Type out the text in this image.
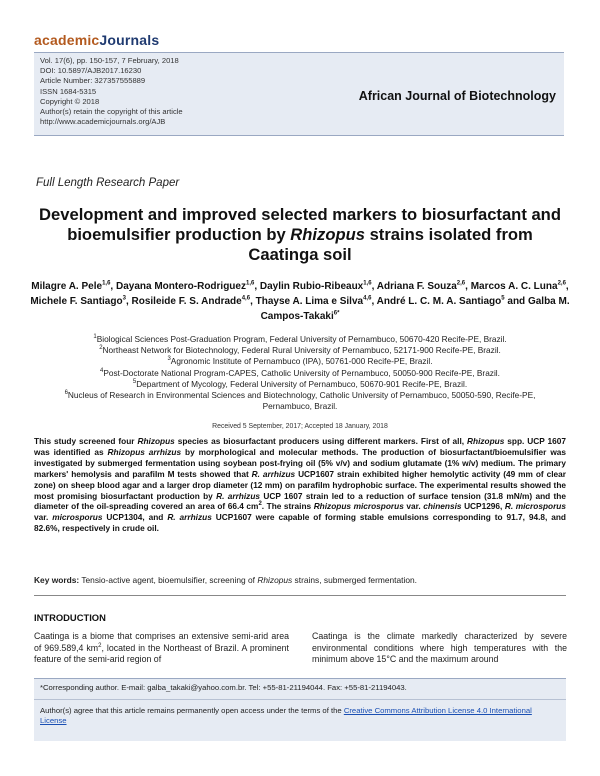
academicJournals
Vol. 17(6), pp. 150-157, 7 February, 2018
DOI: 10.5897/AJB2017.16230
Article Number: 327357555889
ISSN 1684-5315
Copyright © 2018
Author(s) retain the copyright of this article
http://www.academicjournals.org/AJB
African Journal of Biotechnology
Full Length Research Paper
Development and improved selected markers to biosurfactant and bioemulsifier production by Rhizopus strains isolated from Caatinga soil
Milagre A. Pele$^{1,6}$, Dayana Montero-Rodriguez$^{1,6}$, Daylin Rubio-Ribeaux$^{1,6}$, Adriana F. Souza$^{2,6}$, Marcos A. C. Luna$^{2,6}$, Michele F. Santiago$^3$, Rosileide F. S. Andrade$^{4,6}$, Thayse A. Lima e Silva$^{4,6}$, André L. C. M. A. Santiago$^5$ and Galba M. Campos-Takaki$^{6*}$
$^1$Biological Sciences Post-Graduation Program, Federal University of Pernambuco, 50670-420 Recife-PE, Brazil.
$^2$Northeast Network for Biotechnology, Federal Rural University of Pernambuco, 52171-900 Recife-PE, Brazil.
$^3$Agronomic Institute of Pernambuco (IPA), 50761-000 Recife-PE, Brazil.
$^4$Post-Doctorate National Program-CAPES, Catholic University of Pernambuco, 50050-900 Recife-PE, Brazil.
$^5$Department of Mycology, Federal University of Pernambuco, 50670-901 Recife-PE, Brazil.
$^6$Nucleus of Research in Environmental Sciences and Biotechnology, Catholic University of Pernambuco, 50050-590, Recife-PE, Pernambuco, Brazil.
Received 5 September, 2017; Accepted 18 January, 2018
This study screened four Rhizopus species as biosurfactant producers using different markers. First of all, Rhizopus spp. UCP 1607 was identified as Rhizopus arrhizus by morphological and molecular methods. The production of biosurfactant/bioemulsifier was investigated by submerged fermentation using soybean post-frying oil (5% v/v) and sodium glutamate (1% w/v) medium. The primary markers' hemolysis and parafilm M tests showed that R. arrhizus UCP1607 strain exhibited higher hemolytic activity (49 mm of clear zone) on sheep blood agar and a larger drop diameter (12 mm) on parafilm hydrophobic surface. The experimental results showed the most promising biosurfactant production by R. arrhizus UCP 1607 strain led to a reduction of surface tension (31.8 mN/m) and the diameter of the oil-spreading covered an area of 66.4 $cm^2$. The strains Rhizopus microsporus var. chinensis UCP1296, R. microsporus var. microsporus UCP1304, and R. arrhizus UCP1607 were capable of forming stable emulsions corresponding to 91.7, 94.8, and 82.6%, respectively in crude oil.
Key words: Tensio-active agent, bioemulsifier, screening of Rhizopus strains, submerged fermentation.
INTRODUCTION
Caatinga is a biome that comprises an extensive semi-arid area of 969.589,4 $km^2$, located in the Northeast of Brazil. A prominent feature of the semi-arid region of
Caatinga is the climate markedly characterized by severe environmental conditions where high temperatures with the minimum above 15°C and the maximum around
*Corresponding author. E-mail: galba_takaki@yahoo.com.br. Tel: +55-81-21194044. Fax: +55-81-21194043.
Author(s) agree that this article remains permanently open access under the terms of the Creative Commons Attribution License 4.0 International License
